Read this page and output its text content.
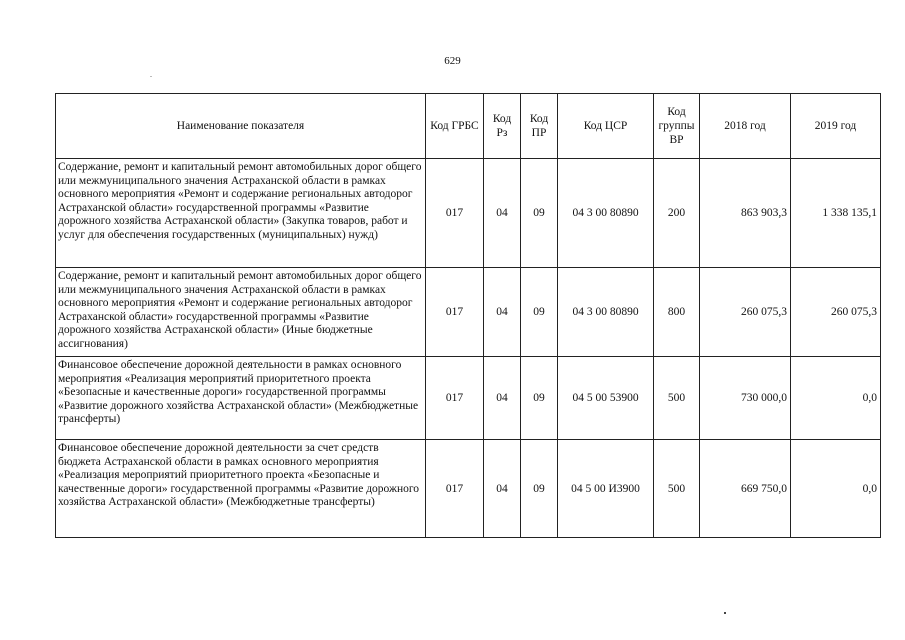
629
Наименование показателя	Код ГРБС	Код Рз	Код ПР	Код ЦСР	Код группы ВР	2018 год	2019 год
Содержание, ремонт и капитальный ремонт автомобильных дорог общего или межмуниципального значения Астраханской области в рамках основного мероприятия «Ремонт и содержание региональных автодорог Астраханской области» государственной программы «Развитие дорожного хозяйства Астраханской области» (Закупка товаров, работ и услуг для обеспечения государственных (муниципальных) нужд)	017	04	09	04 3 00 80890	200	863 903,3	1 338 135,1
Содержание, ремонт и капитальный ремонт автомобильных дорог общего или межмуниципального значения Астраханской области в рамках основного мероприятия «Ремонт и содержание региональных автодорог Астраханской области» государственной программы «Развитие дорожного хозяйства Астраханской области» (Иные бюджетные ассигнования)	017	04	09	04 3 00 80890	800	260 075,3	260 075,3
Финансовое обеспечение дорожной деятельности в рамках основного мероприятия «Реализация мероприятий приоритетного проекта «Безопасные и качественные дороги» государственной программы «Развитие дорожного хозяйства Астраханской области» (Межбюджетные трансферты)	017	04	09	04 5 00 53900	500	730 000,0	0,0
Финансовое обеспечение дорожной деятельности за счет средств бюджета Астраханской области в рамках основного мероприятия «Реализация мероприятий приоритетного проекта «Безопасные и качественные дороги» государственной программы «Развитие дорожного хозяйства Астраханской области» (Межбюджетные трансферты)	017	04	09	04 5 00 И3900	500	669 750,0	0,0
